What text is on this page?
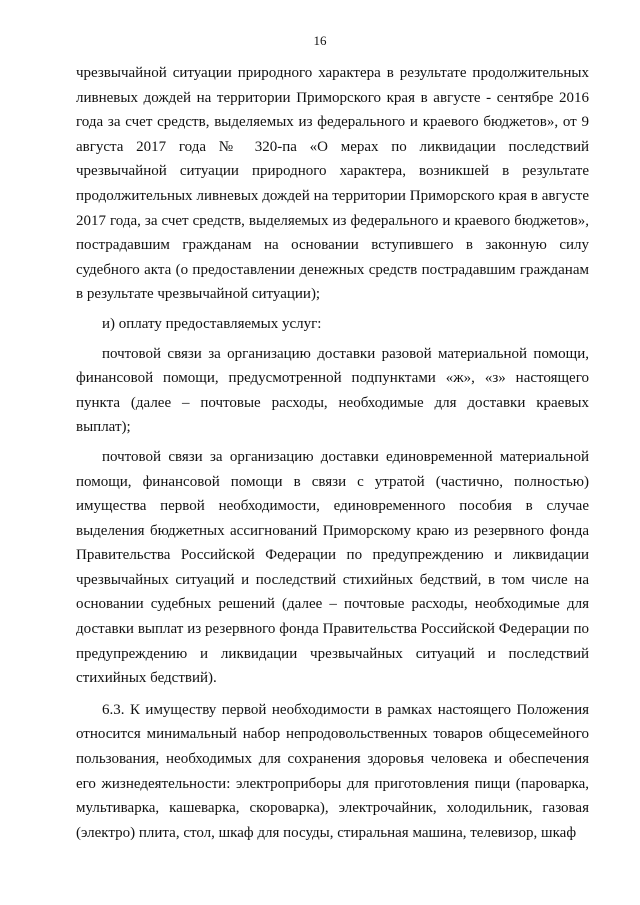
16

чрезвычайной ситуации природного характера в результате продолжительных ливневых дождей на территории Приморского края в августе - сентябре 2016 года за счет средств, выделяемых из федерального и краевого бюджетов», от 9 августа 2017 года № 320-па «О мерах по ликвидации последствий чрезвычайной ситуации природного характера, возникшей в результате продолжительных ливневых дождей на территории Приморского края в августе 2017 года, за счет средств, выделяемых из федерального и краевого бюджетов», пострадавшим гражданам на основании вступившего в законную силу судебного акта (о предоставлении денежных средств пострадавшим гражданам в результате чрезвычайной ситуации);

и) оплату предоставляемых услуг:

почтовой связи за организацию доставки разовой материальной помощи, финансовой помощи, предусмотренной подпунктами «ж», «з» настоящего пункта (далее – почтовые расходы, необходимые для доставки краевых выплат);

почтовой связи за организацию доставки единовременной материальной помощи, финансовой помощи в связи с утратой (частично, полностью) имущества первой необходимости, единовременного пособия в случае выделения бюджетных ассигнований Приморскому краю из резервного фонда Правительства Российской Федерации по предупреждению и ликвидации чрезвычайных ситуаций и последствий стихийных бедствий, в том числе на основании судебных решений (далее – почтовые расходы, необходимые для доставки выплат из резервного фонда Правительства Российской Федерации по предупреждению и ликвидации чрезвычайных ситуаций и последствий стихийных бедствий).

6.3. К имуществу первой необходимости в рамках настоящего Положения относится минимальный набор непродовольственных товаров общесемейного пользования, необходимых для сохранения здоровья человека и обеспечения его жизнедеятельности: электроприборы для приготовления пищи (пароварка, мультиварка, кашеварка, скороварка), электрочайник, холодильник, газовая (электро) плита, стол, шкаф для посуды, стиральная машина, телевизор, шкаф
